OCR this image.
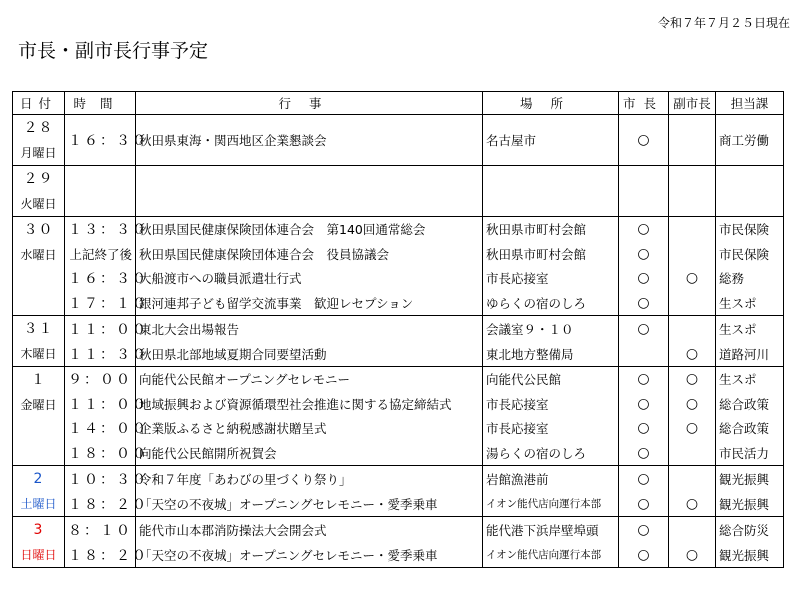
令和７年７月２５日現在
市長・副市長行事予定
日付	時間	行事	場所	市長	副市長	担当課

２８
月曜日	１６：３０	秋田県東海・関西地区企業懇談会	名古屋市	○		商工労働

２９
火曜日						

３０
水曜日	１３：３０	秋田県国民健康保険団体連合会　第140回通常総会	秋田県市町村会館	○		市民保険
	上記終了後	秋田県国民健康保険団体連合会　役員協議会	秋田県市町村会館	○		市民保険
	１６：３０	大船渡市への職員派遣壮行式	市長応接室	○	○	総務
	１７：１０	銀河連邦子ども留学交流事業　歓迎レセプション	ゆらくの宿のしろ	○		生スポ

３１
木曜日	１１：００	東北大会出場報告	会議室９・１０	○		生スポ
	１１：３０	秋田県北部地域夏期合同要望活動	東北地方整備局		○	道路河川

１
金曜日	９：００	向能代公民館オープニングセレモニー	向能代公民館	○	○	生スポ
	１１：００	地域振興および資源循環型社会推進に関する協定締結式	市長応接室	○	○	総合政策
	１４：００	企業版ふるさと納税感謝状贈呈式	市長応接室	○	○	総合政策
	１８：００	向能代公民館開所祝賀会	湯らくの宿のしろ	○		市民活力

2
土曜日	１０：３０	令和７年度「あわびの里づくり祭り」	岩館漁港前	○		観光振興
	１８：２０	「天空の不夜城」オープニングセレモニー・愛季乗車	イオン能代店向運行本部	○	○	観光振興

3
日曜日	８：１０	能代市山本郡消防操法大会開会式	能代港下浜岸壁埠頭	○		総合防災
	１８：２０	「天空の不夜城」オープニングセレモニー・愛季乗車	イオン能代店向運行本部	○	○	観光振興
